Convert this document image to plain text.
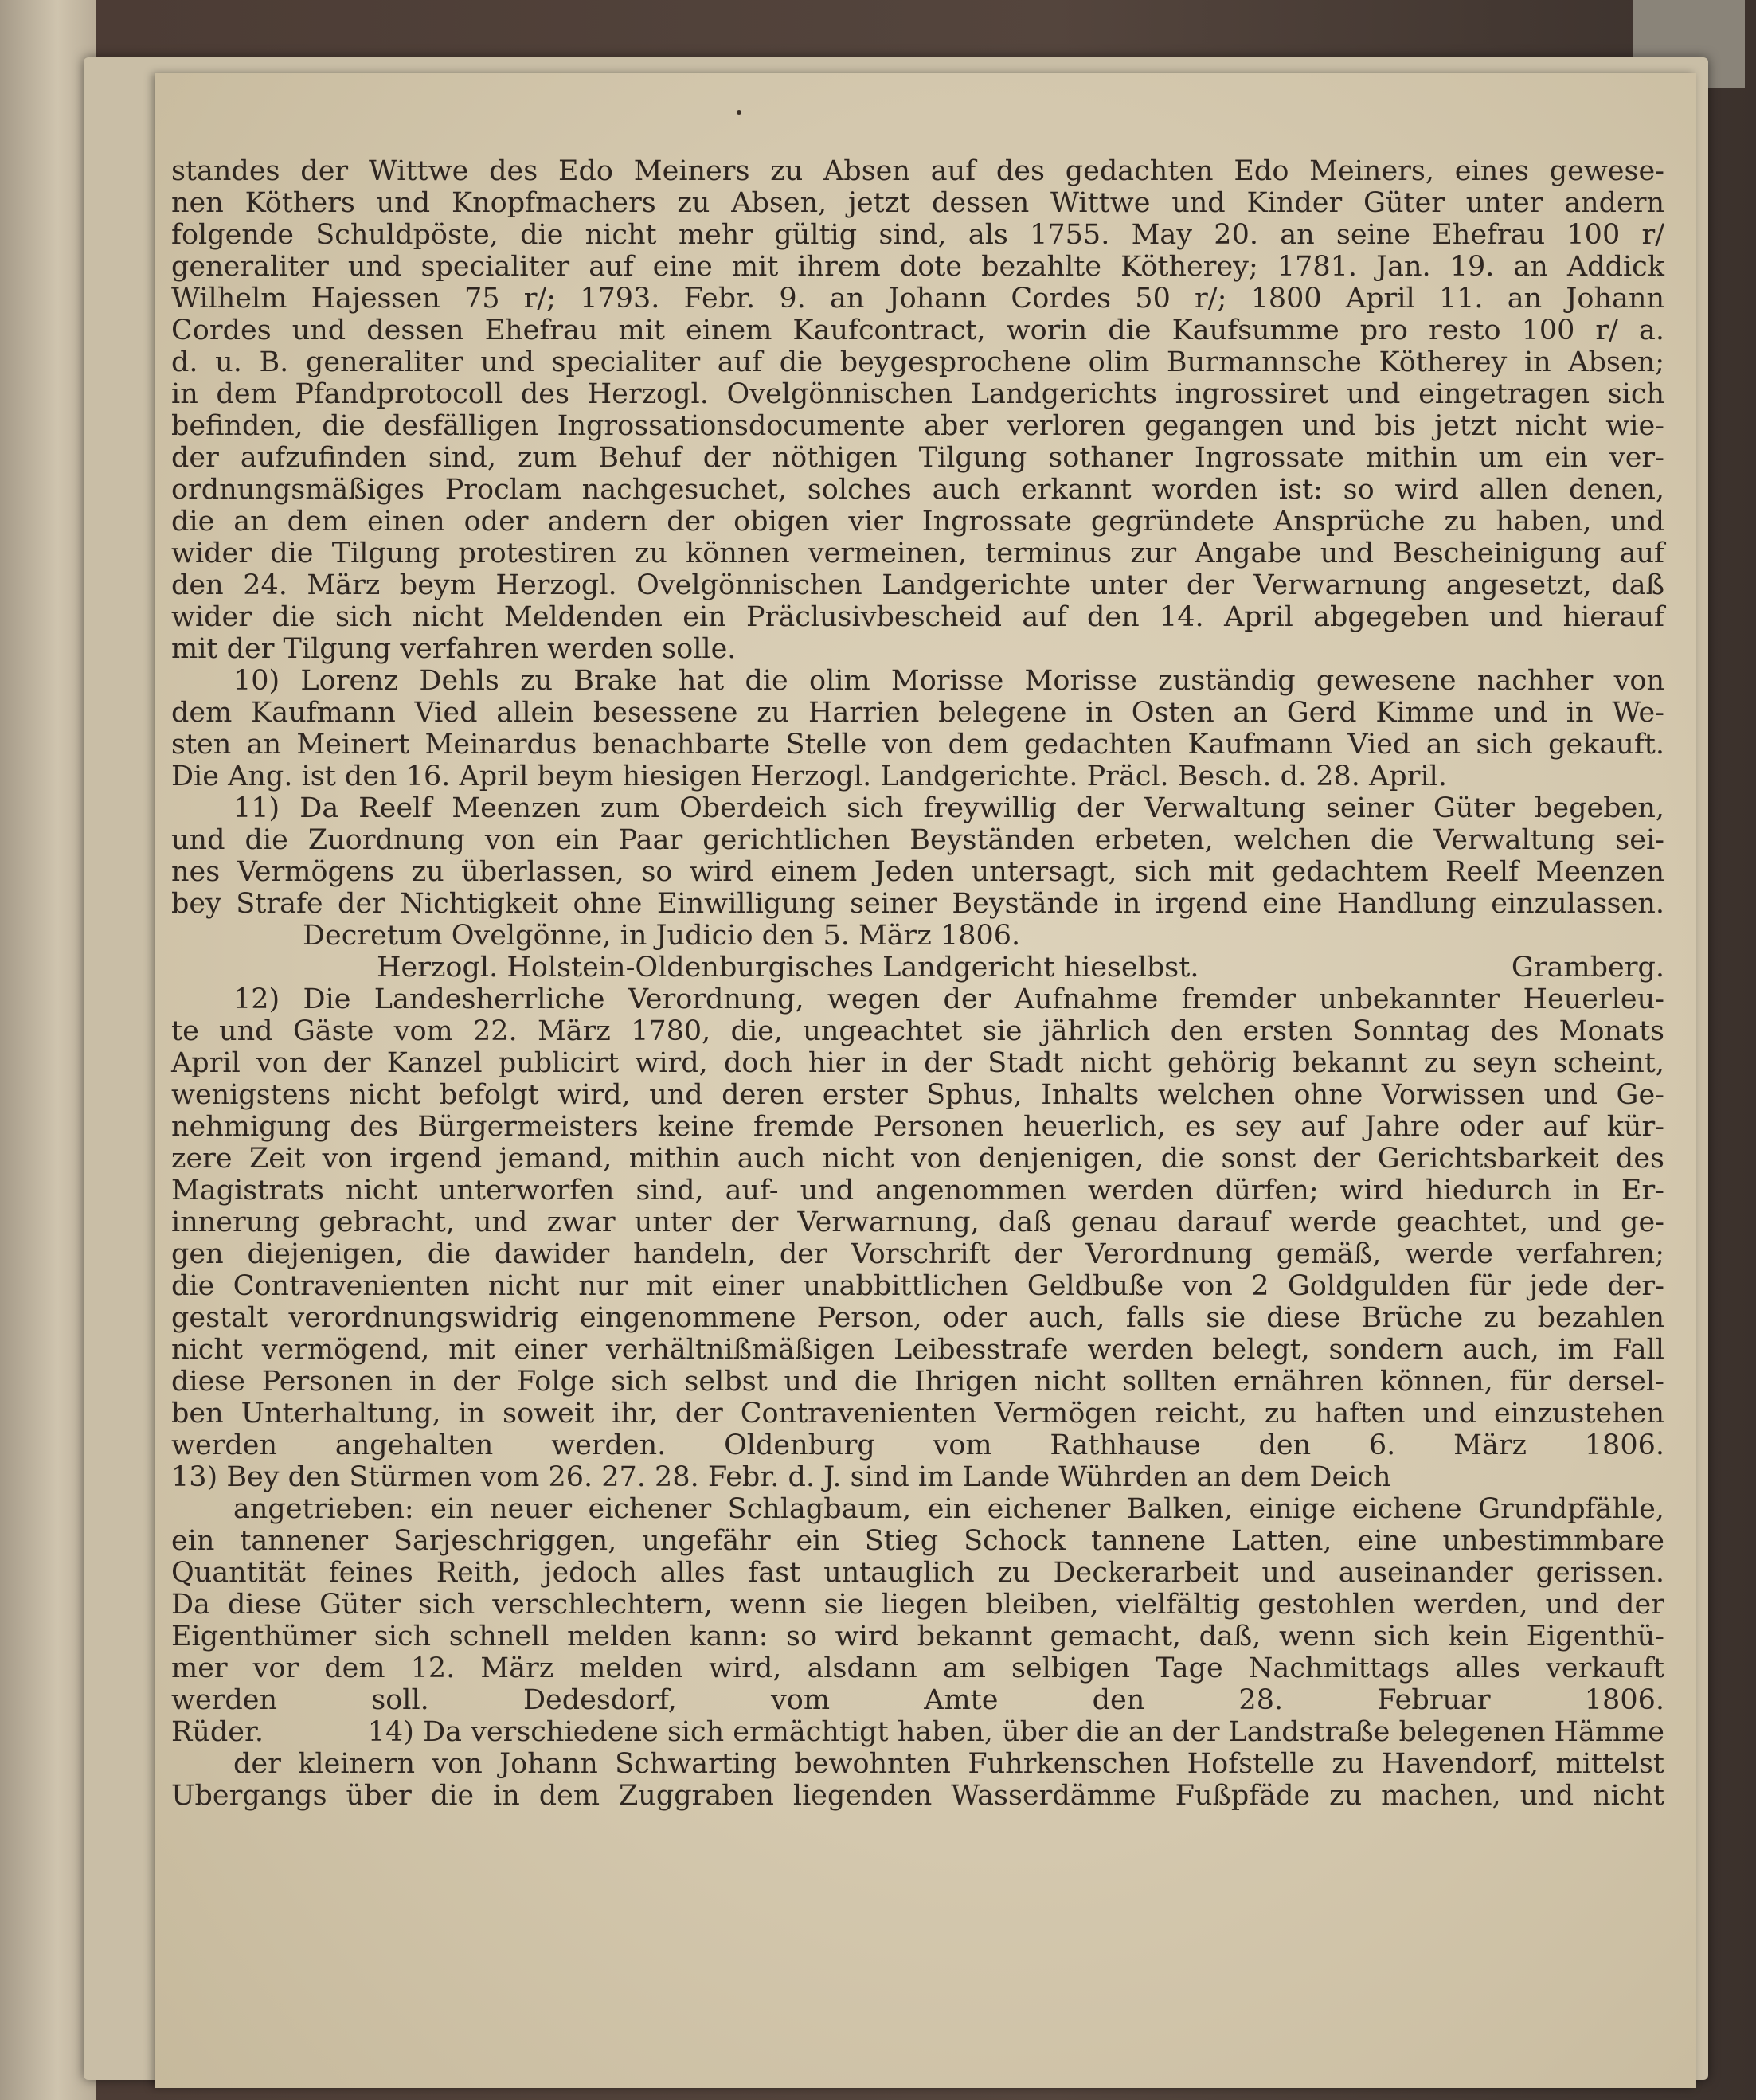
standes der Wittwe des Edo Meiners zu Absen auf des gedachten Edo Meiners, eines gewese-
nen Köthers und Knopfmachers zu Absen, jetzt dessen Wittwe und Kinder Güter unter andern
folgende Schuldpöste, die nicht mehr gültig sind, als 1755. May 20. an seine Ehefrau 100 r/
generaliter und specialiter auf eine mit ihrem dote bezahlte Kötherey; 1781. Jan. 19. an Addick
Wilhelm Hajessen 75 r/; 1793. Febr. 9. an Johann Cordes 50 r/; 1800 April 11. an Johann
Cordes und dessen Ehefrau mit einem Kaufcontract, worin die Kaufsumme pro resto 100 r/ a.
d. u. B. generaliter und specialiter auf die beygesprochene olim Burmannsche Kötherey in Absen;
in dem Pfandprotocoll des Herzogl. Ovelgönnischen Landgerichts ingrossiret und eingetragen sich
befinden, die desfälligen Ingrossationsdocumente aber verloren gegangen und bis jetzt nicht wie-
der aufzufinden sind, zum Behuf der nöthigen Tilgung sothaner Ingrossate mithin um ein ver-
ordnungsmäßiges Proclam nachgesuchet, solches auch erkannt worden ist: so wird allen denen,
die an dem einen oder andern der obigen vier Ingrossate gegründete Ansprüche zu haben, und
wider die Tilgung protestiren zu können vermeinen, terminus zur Angabe und Bescheinigung auf
den 24. März beym Herzogl. Ovelgönnischen Landgerichte unter der Verwarnung angesetzt, daß
wider die sich nicht Meldenden ein Präclusivbescheid auf den 14. April abgegeben und hierauf
mit der Tilgung verfahren werden solle.
10) Lorenz Dehls zu Brake hat die olim Morisse Morisse zuständig gewesene nachher von
dem Kaufmann Vied allein besessene zu Harrien belegene in Osten an Gerd Kimme und in We-
sten an Meinert Meinardus benachbarte Stelle von dem gedachten Kaufmann Vied an sich gekauft.
Die Ang. ist den 16. April beym hiesigen Herzogl. Landgerichte. Präcl. Besch. d. 28. April.
11) Da Reelf Meenzen zum Oberdeich sich freywillig der Verwaltung seiner Güter begeben,
und die Zuordnung von ein Paar gerichtlichen Beyständen erbeten, welchen die Verwaltung sei-
nes Vermögens zu überlassen, so wird einem Jeden untersagt, sich mit gedachtem Reelf Meenzen
bey Strafe der Nichtigkeit ohne Einwilligung seiner Beystände in irgend eine Handlung einzulassen.
Decretum Ovelgönne, in Judicio den 5. März 1806.
Herzogl. Holstein-Oldenburgisches Landgericht hieselbst.	Gramberg.
12) Die Landesherrliche Verordnung, wegen der Aufnahme fremder unbekannter Heuerleu-
te und Gäste vom 22. März 1780, die, ungeachtet sie jährlich den ersten Sonntag des Monats
April von der Kanzel publicirt wird, doch hier in der Stadt nicht gehörig bekannt zu seyn scheint,
wenigstens nicht befolgt wird, und deren erster Sphus, Inhalts welchen ohne Vorwissen und Ge-
nehmigung des Bürgermeisters keine fremde Personen heuerlich, es sey auf Jahre oder auf kür-
zere Zeit von irgend jemand, mithin auch nicht von denjenigen, die sonst der Gerichtsbarkeit des
Magistrats nicht unterworfen sind, auf- und angenommen werden dürfen; wird hiedurch in Er-
innerung gebracht, und zwar unter der Verwarnung, daß genau darauf werde geachtet, und ge-
gen diejenigen, die dawider handeln, der Vorschrift der Verordnung gemäß, werde verfahren;
die Contravenienten nicht nur mit einer unabbittlichen Geldbuße von 2 Goldgulden für jede der-
gestalt verordnungswidrig eingenommene Person, oder auch, falls sie diese Brüche zu bezahlen
nicht vermögend, mit einer verhältnißmäßigen Leibesstrafe werden belegt, sondern auch, im Fall
diese Personen in der Folge sich selbst und die Ihrigen nicht sollten ernähren können, für dersel-
ben Unterhaltung, in soweit ihr, der Contravenienten Vermögen reicht, zu haften und einzustehen
werden angehalten werden. Oldenburg vom Rathhause den 6. März 1806.
13) Bey den Stürmen vom 26. 27. 28. Febr. d. J. sind im Lande Wührden an dem Deich
angetrieben: ein neuer eichener Schlagbaum, ein eichener Balken, einige eichene Grundpfähle,
ein tannener Sarjeschriggen, ungefähr ein Stieg Schock tannene Latten, eine unbestimmbare
Quantität feines Reith, jedoch alles fast untauglich zu Deckerarbeit und auseinander gerissen.
Da diese Güter sich verschlechtern, wenn sie liegen bleiben, vielfältig gestohlen werden, und der
Eigenthümer sich schnell melden kann: so wird bekannt gemacht, daß, wenn sich kein Eigenthü-
mer vor dem 12. März melden wird, alsdann am selbigen Tage Nachmittags alles verkauft
werden soll. Dedesdorf, vom Amte den 28. Februar 1806.
Rüder.	14) Da verschiedene sich ermächtigt haben, über die an der Landstraße belegenen Hämme
der kleinern von Johann Schwarting bewohnten Fuhrkenschen Hofstelle zu Havendorf, mittelst
Ubergangs über die in dem Zuggraben liegenden Wasserdämme Fußpfäde zu machen, und nicht
